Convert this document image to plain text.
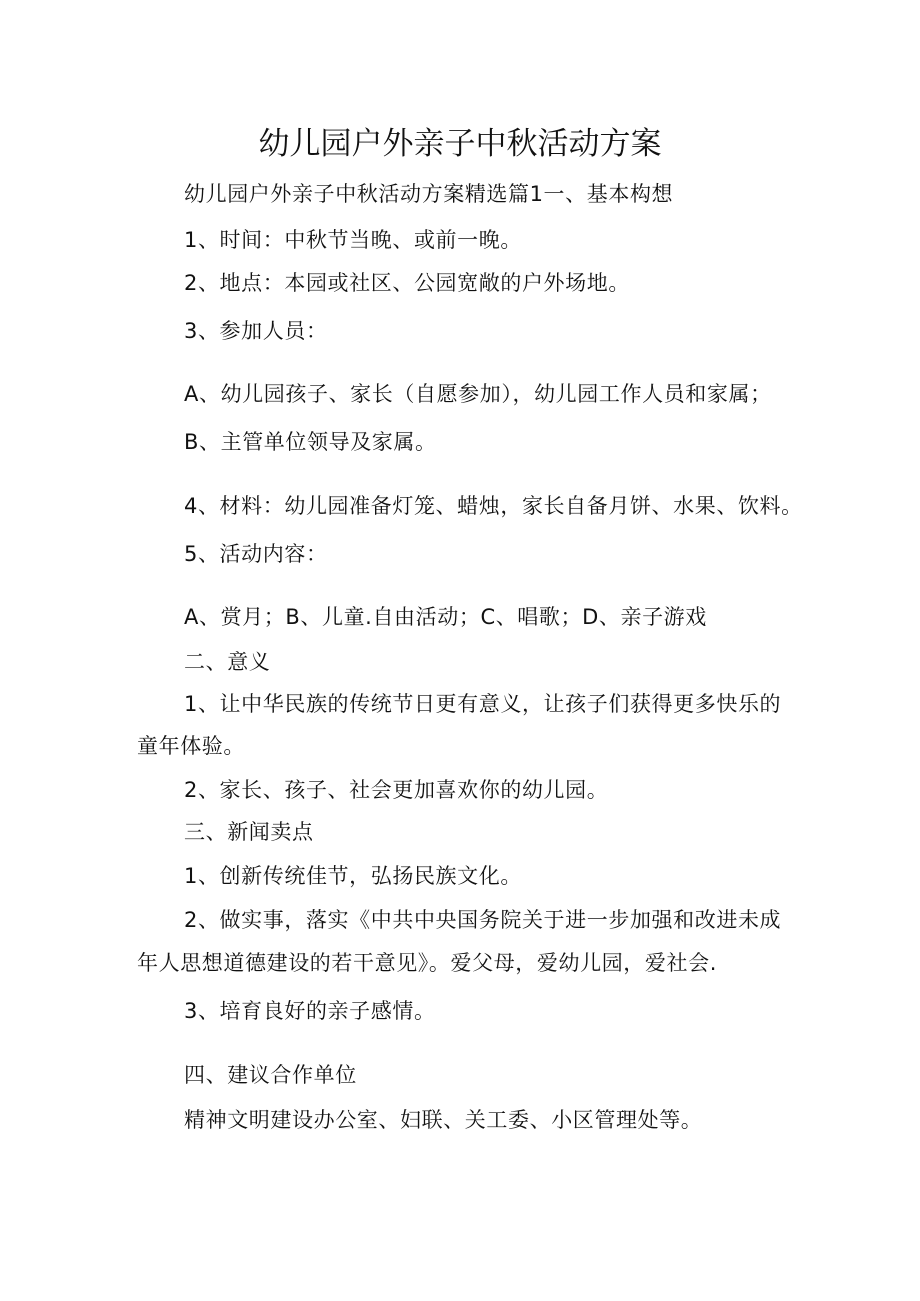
幼儿园户外亲子中秋活动方案
幼儿园户外亲子中秋活动方案精选篇1一、基本构想
1、时间：中秋节当晚、或前一晚。
2、地点：本园或社区、公园宽敞的户外场地。
3、参加人员：
A、幼儿园孩子、家长（自愿参加），幼儿园工作人员和家属；
B、主管单位领导及家属。
4、材料：幼儿园准备灯笼、蜡烛，家长自备月饼、水果、饮料。
5、活动内容：
A、赏月；B、儿童.自由活动；C、唱歌；D、亲子游戏
二、意义
1、让中华民族的传统节日更有意义，让孩子们获得更多快乐的
童年体验。
2、家长、孩子、社会更加喜欢你的幼儿园。
三、新闻卖点
1、创新传统佳节，弘扬民族文化。
2、做实事，落实《中共中央国务院关于进一步加强和改进未成
年人思想道德建设的若干意见》。爱父母，爱幼儿园，爱社会.
3、培育良好的亲子感情。
四、建议合作单位
精神文明建设办公室、妇联、关工委、小区管理处等。
